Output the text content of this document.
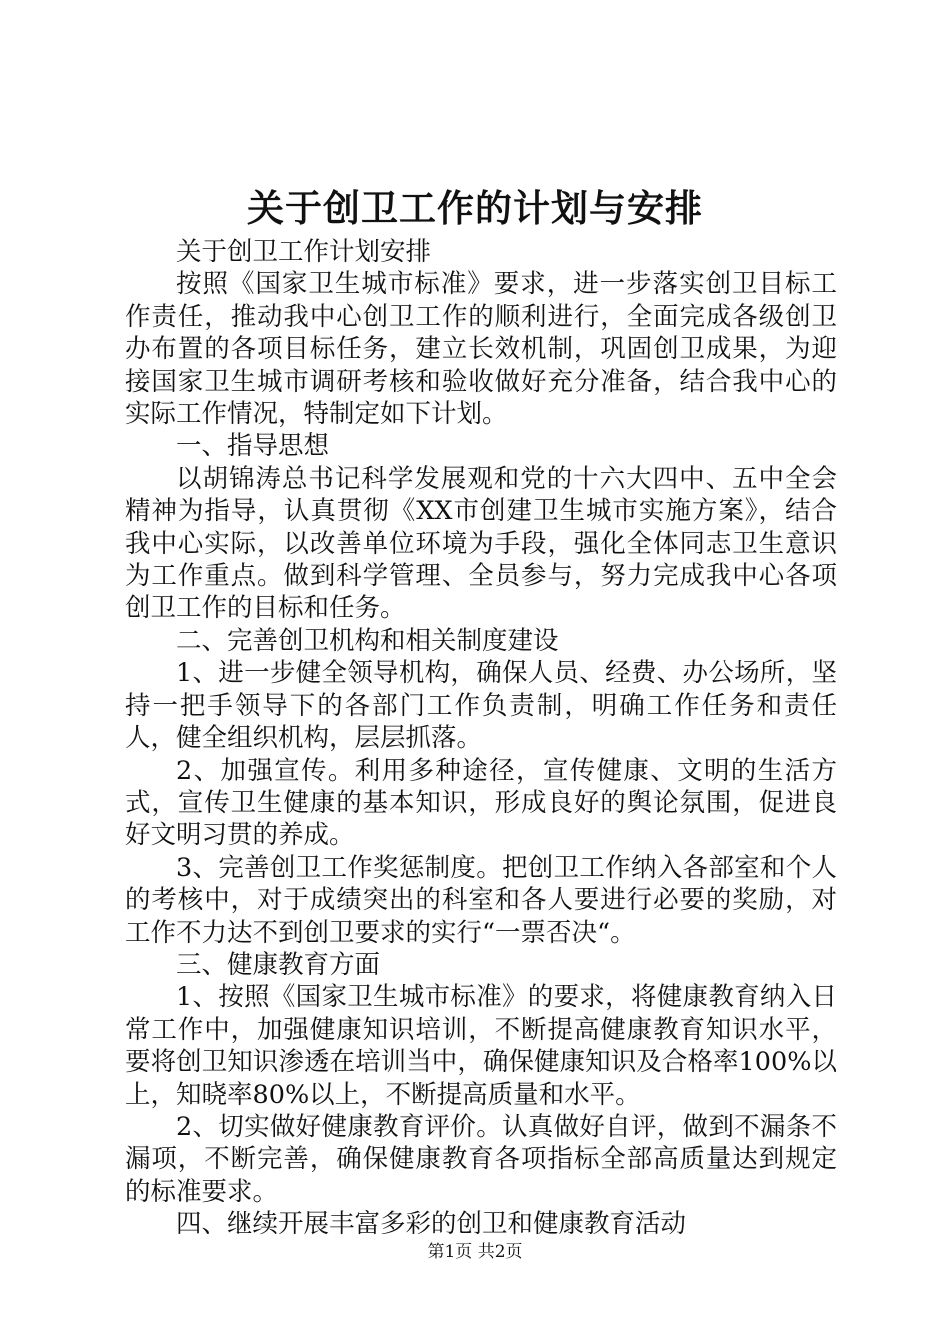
关于创卫工作的计划与安排

关于创卫工作计划安排

按照《国家卫生城市标准》要求，进一步落实创卫目标工作责任，推动我中心创卫工作的顺利进行，全面完成各级创卫办布置的各项目标任务，建立长效机制，巩固创卫成果，为迎接国家卫生城市调研考核和验收做好充分准备，结合我中心的实际工作情况，特制定如下计划。

一、指导思想

以胡锦涛总书记科学发展观和党的十六大四中、五中全会精神为指导，认真贯彻《XX市创建卫生城市实施方案》，结合我中心实际，以改善单位环境为手段，强化全体同志卫生意识为工作重点。做到科学管理、全员参与，努力完成我中心各项创卫工作的目标和任务。

二、完善创卫机构和相关制度建设

1、进一步健全领导机构，确保人员、经费、办公场所，坚持一把手领导下的各部门工作负责制，明确工作任务和责任人，健全组织机构，层层抓落。

2、加强宣传。利用多种途径，宣传健康、文明的生活方式，宣传卫生健康的基本知识，形成良好的舆论氛围，促进良好文明习贯的养成。

3、完善创卫工作奖惩制度。把创卫工作纳入各部室和个人的考核中，对于成绩突出的科室和各人要进行必要的奖励，对工作不力达不到创卫要求的实行“一票否决“。

三、健康教育方面

1、按照《国家卫生城市标准》的要求，将健康教育纳入日常工作中，加强健康知识培训，不断提高健康教育知识水平，要将创卫知识渗透在培训当中，确保健康知识及合格率100%以上，知晓率80%以上，不断提高质量和水平。

2、切实做好健康教育评价。认真做好自评，做到不漏条不漏项，不断完善，确保健康教育各项指标全部高质量达到规定的标准要求。

四、继续开展丰富多彩的创卫和健康教育活动

第1页 共2页
